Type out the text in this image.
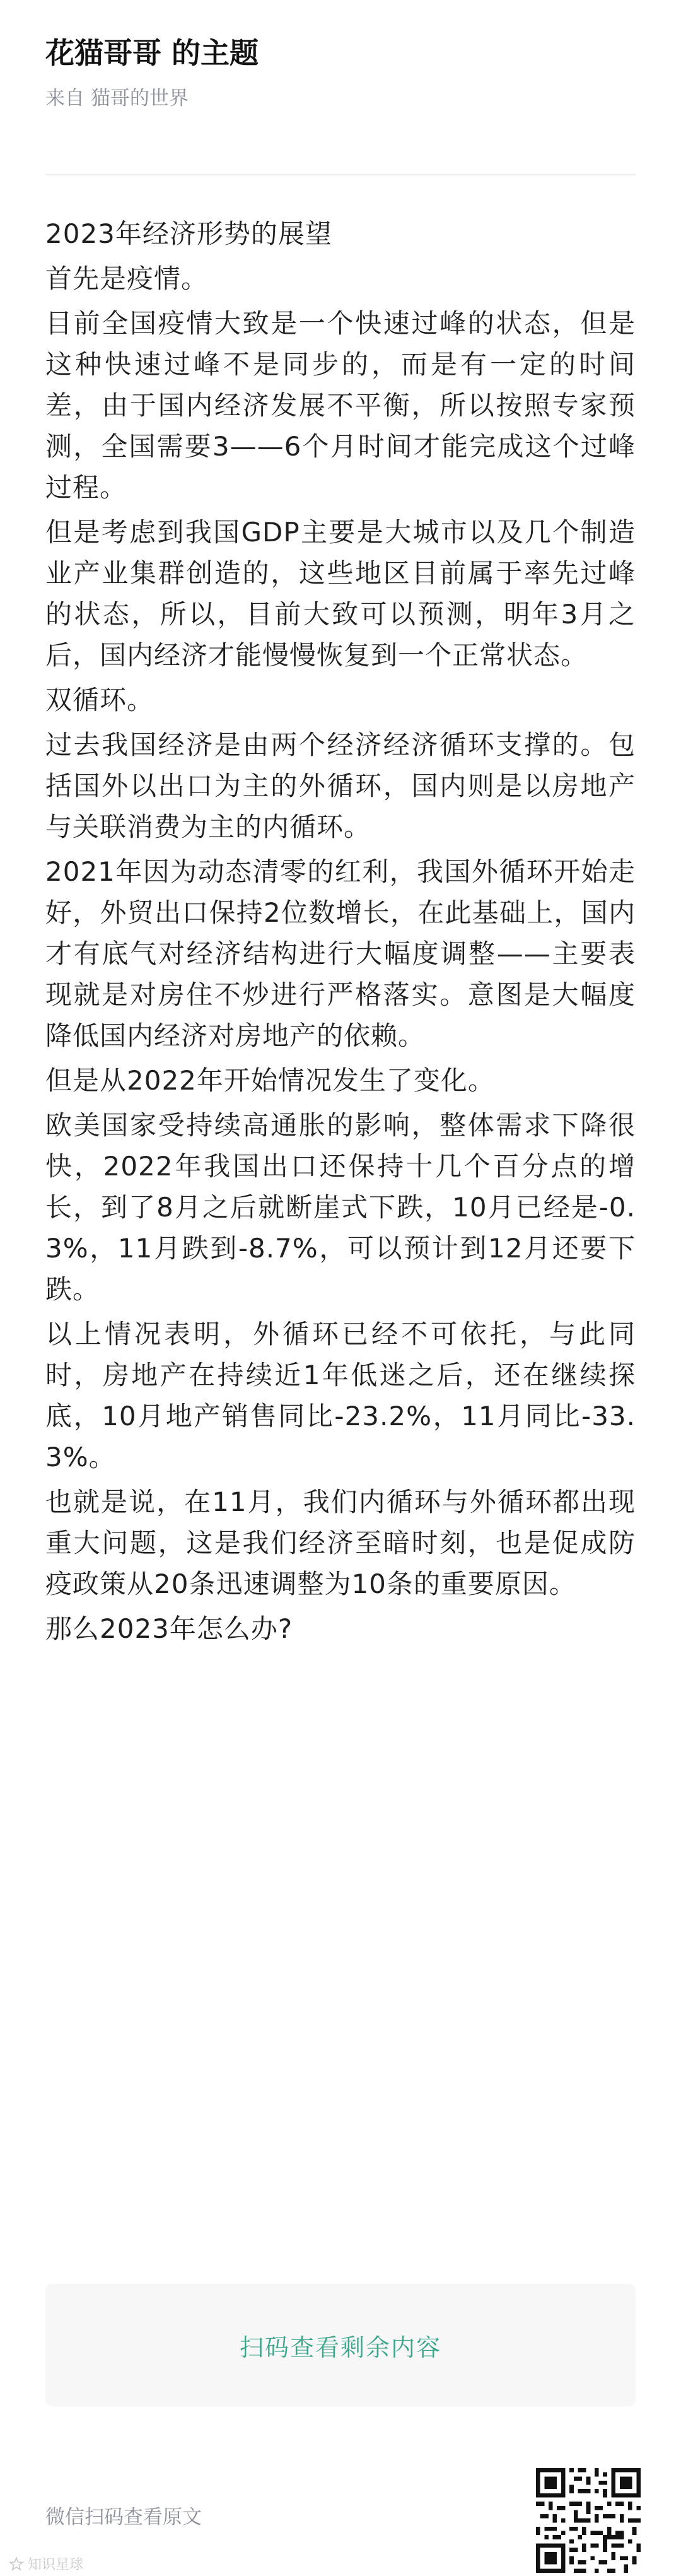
花猫哥哥 的主题
来自 猫哥的世界

2023年经济形势的展望

首先是疫情。

目前全国疫情大致是一个快速过峰的状态，但是这种快速过峰不是同步的，而是有一定的时间差，由于国内经济发展不平衡，所以按照专家预测，全国需要3——6个月时间才能完成这个过峰过程。

但是考虑到我国GDP主要是大城市以及几个制造业产业集群创造的，这些地区目前属于率先过峰的状态，所以，目前大致可以预测，明年3月之后，国内经济才能慢慢恢复到一个正常状态。

双循环。

过去我国经济是由两个经济经济循环支撑的。包括国外以出口为主的外循环，国内则是以房地产与关联消费为主的内循环。

2021年因为动态清零的红利，我国外循环开始走好，外贸出口保持2位数增长，在此基础上，国内才有底气对经济结构进行大幅度调整——主要表现就是对房住不炒进行严格落实。意图是大幅度降低国内经济对房地产的依赖。

但是从2022年开始情况发生了变化。

欧美国家受持续高通胀的影响，整体需求下降很快，2022年我国出口还保持十几个百分点的增长，到了8月之后就断崖式下跌，10月已经是-0.3%，11月跌到-8.7%，可以预计到12月还要下跌。

以上情况表明，外循环已经不可依托，与此同时，房地产在持续近1年低迷之后，还在继续探底，10月地产销售同比-23.2%，11月同比-33.3%。

也就是说，在11月，我们内循环与外循环都出现重大问题，这是我们经济至暗时刻，也是促成防疫政策从20条迅速调整为10条的重要原因。

那么2023年怎么办?

扫码查看剩余内容
微信扫码查看原文
知识星球
